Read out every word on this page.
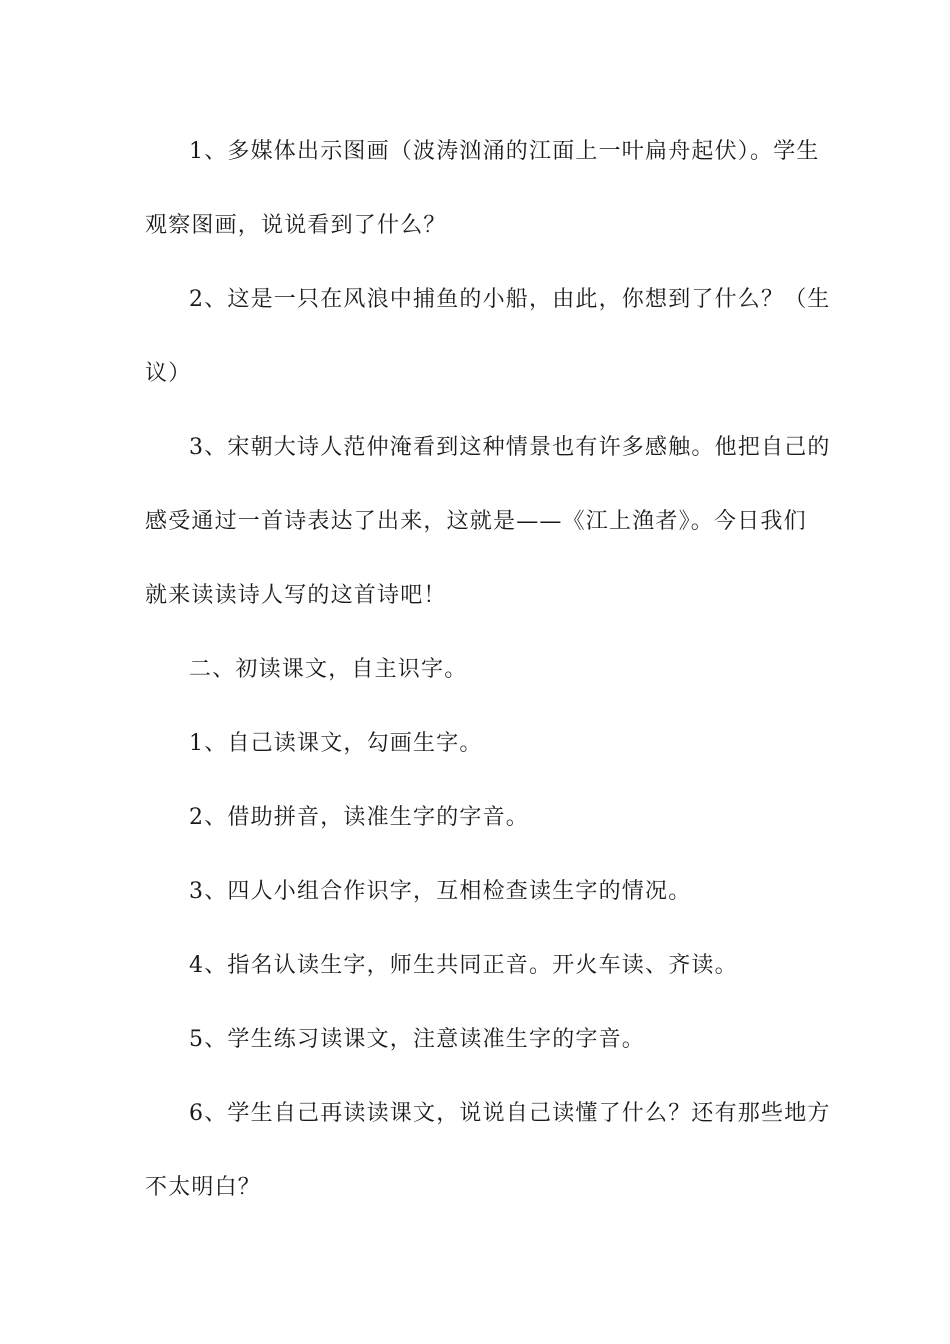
1、多媒体出示图画（波涛汹涌的江面上一叶扁舟起伏）。学生
观察图画，说说看到了什么？
2、这是一只在风浪中捕鱼的小船，由此，你想到了什么？（生
议）
3、宋朝大诗人范仲淹看到这种情景也有许多感触。他把自己的
感受通过一首诗表达了出来，这就是——《江上渔者》。今日我们
就来读读诗人写的这首诗吧！
二、初读课文，自主识字。
1、自己读课文，勾画生字。
2、借助拼音，读准生字的字音。
3、四人小组合作识字，互相检查读生字的情况。
4、指名认读生字，师生共同正音。开火车读、齐读。
5、学生练习读课文，注意读准生字的字音。
6、学生自己再读读课文，说说自己读懂了什么？还有那些地方
不太明白？
